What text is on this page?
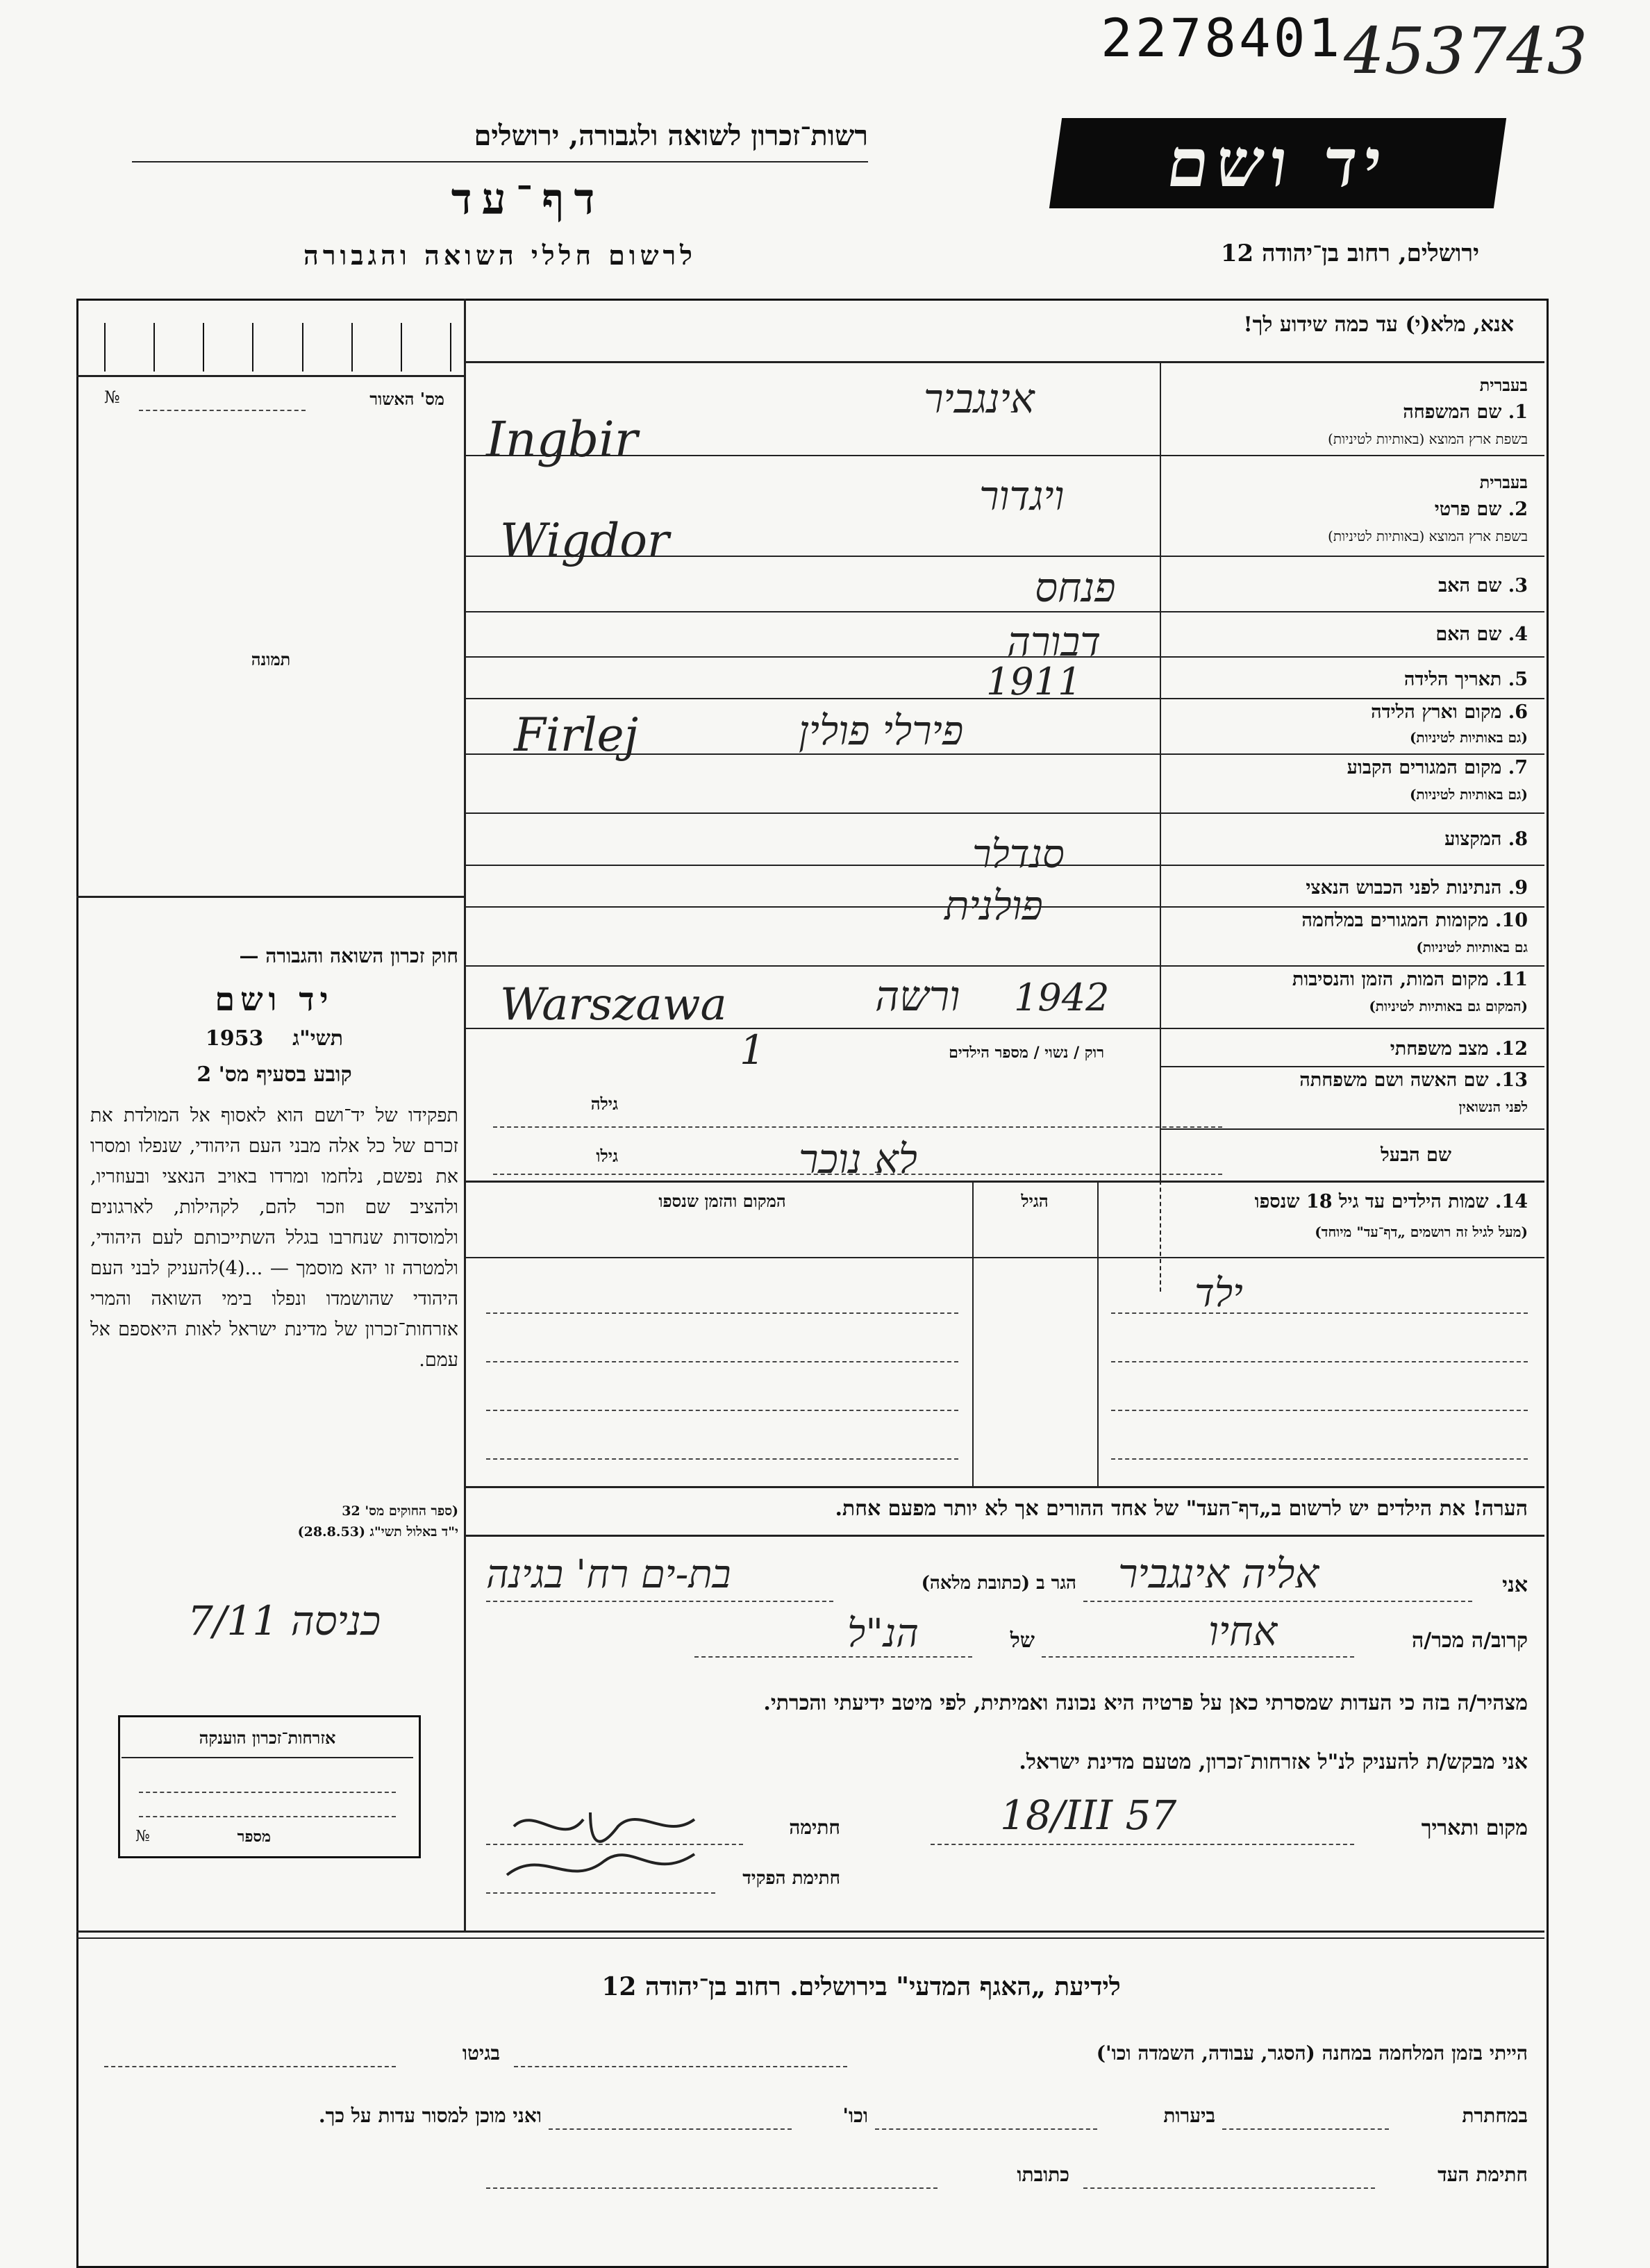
2278401 453743
רשות־זכרון לשואה ולגבורה, ירושלים
דף־עד
לרשום חללי השואה והגבורה
יד ושם
ירושלים, רחוב בן־יהודה 12
מס' האשור
№
תמונה
חוק זכרון השואה והגבורה —
יד ושם
תשי"ג    1953
קובע בסעיף מס' 2
תפקידו של יד־ושם הוא לאסוף אל המולדת את זכרם של כל אלה מבני העם היהודי, שנפלו ומסרו את נפשם, נלחמו ומרדו באויב הנאצי ובעוזריו, ולהציב שם וזכר להם, לקהילות, לארגונים ולמוסדות שנחרבו בגלל השתייכותם לעם היהודי, ולמטרה זו יהא מוסמך — ...(4)להעניק לבני העם היהודי שהושמדו ונפלו בימי השואה והמרי אזרחות־זכרון של מדינת ישראל לאות היאספם אל עמם.
(ספר החוקים מס' 32
י"ד באלול תשי"ג (28.8.53)
כניסה 7/11
אזרחות־זכרון הוענקה
מספר
№
אנא, מלא(י) עד כמה שידוע לך!
בעברית
1. שם המשפחה
בשפת ארץ המוצא (באותיות לטיניות)
בעברית
2. שם פרטי
בשפת ארץ המוצא (באותיות לטיניות)
3. שם האב
4. שם האם
5. תאריך הלידה
6. מקום וארץ הלידה
(גם באותיות לטיניות)
7. מקום המגורים הקבוע
(גם באותיות לטיניות)
8. המקצוע
9. הנתינות לפני הכבוש הנאצי
10. מקומות המגורים במלחמה
גם באותיות לטיניות)
11. מקום המות, הזמן והנסיבות
(המקום גם באותיות לטיניות)
12. מצב משפחתי
13. שם האשה ושם משפחתה
לפני הנשואין
שם הבעל
אינגביר
Ingbir
ויגדור
Wigdor
פנחס
דבורה
1911
פירלי פולין
Firlej
סנדלר
פולנית
Warszawa	ורשה 1942
רוק / נשוי / מספר הילדים
1
גילה
גילו	לא נוכר
14. שמות הילדים עד גיל 18 שנספו
(מעל לגיל זה רושמים „דף־עד" מיוחד)
הגיל
המקום והזמן שנספו
ילד
הערה! את הילדים יש לרשום ב„דף־העד" של אחד ההורים אך לא יותר מפעם אחת.
אני
אליה אינגביר
הגר ב (כתובת מלאה)
בת-ים רח' בגינה
קרוב/ה מכר/ה
אחיו
של
הנ"ל
מצהיר/ה בזה כי העדות שמסרתי כאן על פרטיה היא נכונה ואמיתית, לפי מיטב ידיעתי והכרתי.
אני מבקש/ת להעניק לנ"ל אזרחות־זכרון, מטעם מדינת ישראל.
מקום ותאריך
18/III 57
חתימה
חתימת הפקיד
לידיעת „האגף המדעי" בירושלים. רחוב בן־יהודה 12
הייתי בזמן המלחמה במחנה (הסגר, עבודה, השמדה וכו')
בגיטו
במחתרת
ביערות
וכו'
ואני מוכן למסור עדות על כך.
חתימת העד
כתובתו
